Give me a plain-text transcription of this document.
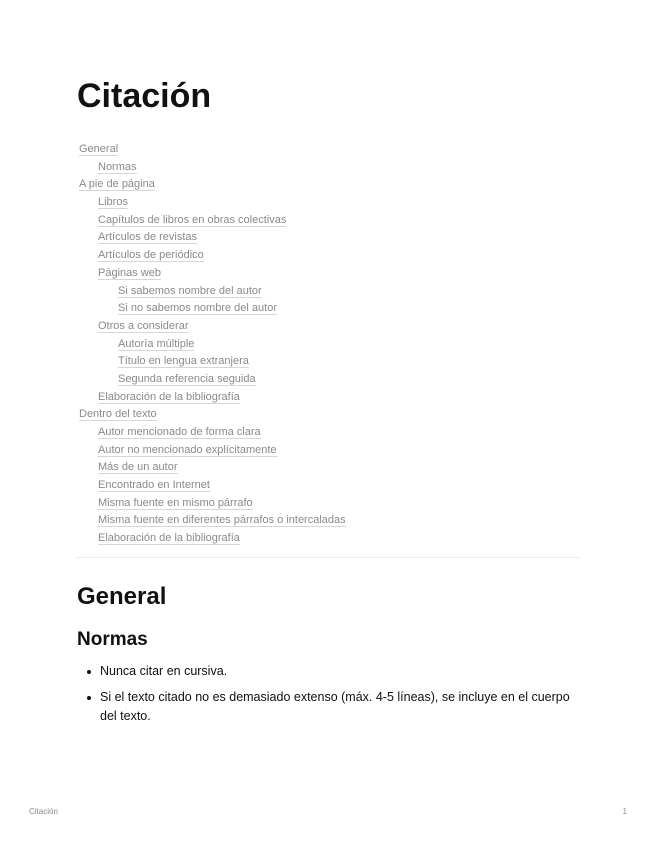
Citación
General
Normas
A pie de página
Libros
Capítulos de libros en obras colectivas
Artículos de revistas
Artículos de periódico
Páginas web
Si sabemos nombre del autor
Si no sabemos nombre del autor
Otros a considerar
Autoría múltiple
Título en lengua extranjera
Segunda referencia seguida
Elaboración de la bibliografía
Dentro del texto
Autor mencionado de forma clara
Autor no mencionado explícitamente
Más de un autor
Encontrado en Internet
Misma fuente en mismo párrafo
Misma fuente en diferentes párrafos o intercaladas
Elaboración de la bibliografía
General
Normas
Nunca citar en cursiva.
Si el texto citado no es demasiado extenso (máx. 4-5 líneas), se incluye en el cuerpo del texto.
Citación	1
